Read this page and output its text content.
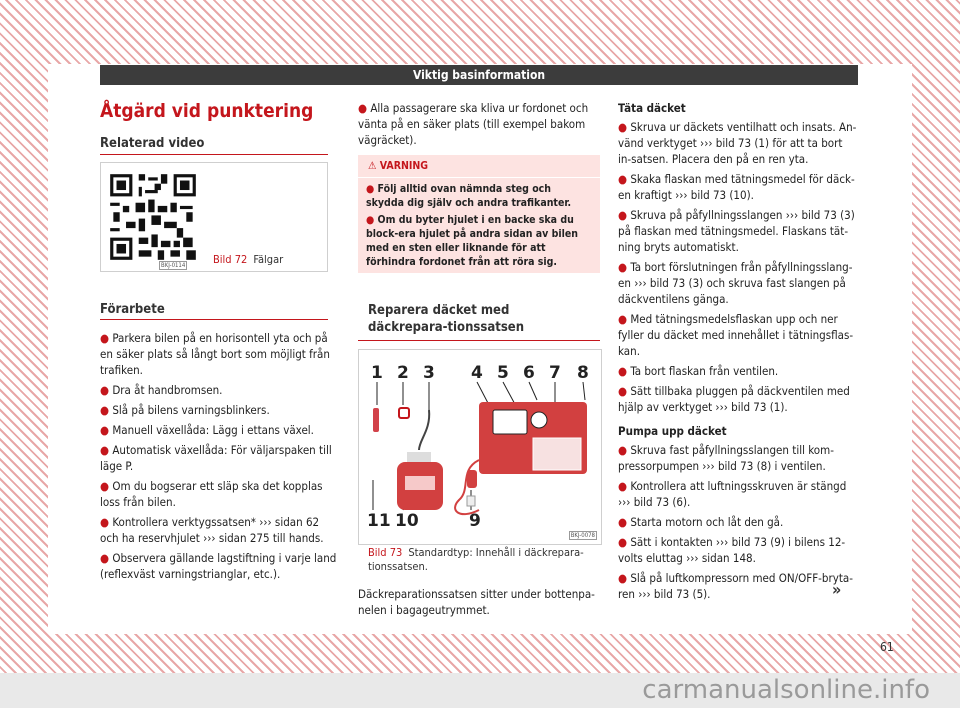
Viktig basinformation
Åtgärd vid punktering
Relaterad video
BKJ-0114	Bild 72 Fälgar
Förarbete

● Parkera bilen på en horisontell yta och på en säker plats så långt bort som möjligt från trafiken.

● Dra åt handbromsen.

● Slå på bilens varningsblinkers.

● Manuell växellåda: Lägg i ettans växel.

● Automatisk växellåda: För väljarspaken till läge P.

● Om du bogserar ett släp ska det kopplas loss från bilen.

● Kontrollera verktygssatsen* ››› sidan 62 och ha reservhjulet ››› sidan 275 till hands.

● Observera gällande lagstiftning i varje land (reflexväst varningstrianglar, etc.).

● Alla passagerare ska kliva ur fordonet och vänta på en säker plats (till exempel bakom vägräcket).

⚠ VARNING

● Följ alltid ovan nämnda steg och skydda dig själv och andra trafikanter.

● Om du byter hjulet i en backe ska du block-era hjulet på andra sidan av bilen med en sten eller liknande för att förhindra fordonet från att röra sig.

Reparera däcket med däckrepara-tionssatsen
1 2 3 4 5 6 7 8
9
10
11
BKJ-0078
Bild 73 Standardtyp: Innehåll i däckrepara-tionssatsen.
Däckreparationssatsen sitter under bottenpa-nelen i bagageutrymmet.

Täta däcket

● Skruva ur däckets ventilhatt och insats. An-vänd verktyget ››› bild 73 (1) för att ta bort in-satsen. Placera den på en ren yta.

● Skaka flaskan med tätningsmedel för däck-en kraftigt ››› bild 73 (10).

● Skruva på påfyllningsslangen ››› bild 73 (3) på flaskan med tätningsmedel. Flaskans tät-ning bryts automatiskt.

● Ta bort förslutningen från påfyllningsslang-en ››› bild 73 (3) och skruva fast slangen på däckventilens gänga.

● Med tätningsmedelsflaskan upp och ner fyller du däcket med innehållet i tätningsflas-kan.

● Ta bort flaskan från ventilen.

● Sätt tillbaka pluggen på däckventilen med hjälp av verktyget ››› bild 73 (1).

Pumpa upp däcket

● Skruva fast påfyllningsslangen till kom-pressorpumpen ››› bild 73 (8) i ventilen.

● Kontrollera att luftningsskruven är stängd ››› bild 73 (6).

● Starta motorn och låt den gå.

● Sätt i kontakten ››› bild 73 (9) i bilens 12-volts eluttag ››› sidan 148.

● Slå på luftkompressorn med ON/OFF-bryta-ren ››› bild 73 (5).	»
61
carmanualsonline.info
